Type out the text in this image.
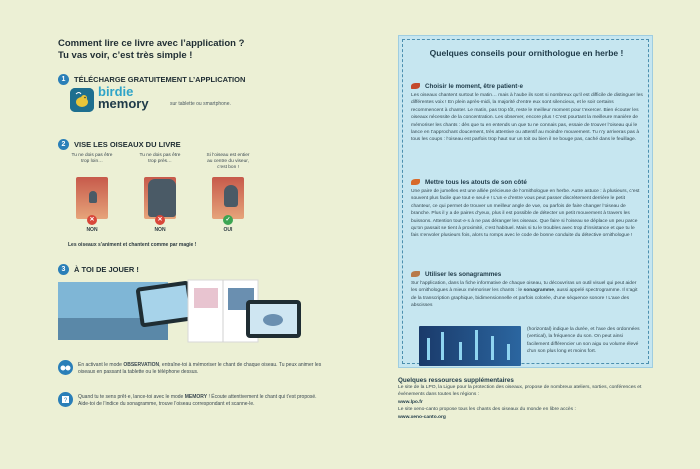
Comment lire ce livre avec l’application ?
Tu vas voir, c’est très simple !
1	TÉLÉCHARGE GRATUITEMENT L’APPLICATION
birdie
memory	sur tablette ou smartphone.
2	VISE LES OISEAUX DU LIVRE
Tu ne dois pas être trop loin…
✕
NON
Tu ne dois pas être trop près…
✕
NON
Si l’oiseau est entier au centre du viseur, c’est bon !
✓
OUI
Les oiseaux s’animent et chantent comme par magie !
3	À TOI DE JOUER !
En activant le mode OBSERVATION, entraîne-toi à mémoriser le chant de chaque oiseau. Tu peux animer les oiseaux en passant la tablette ou le téléphone dessus.
?
Quand tu te sens prêt·e, lance-toi avec le mode MEMORY ! Écoute attentivement le chant qui t’est proposé. Aide-toi de l’indice du sonagramme, trouve l’oiseau correspondant et scanne-le.
Quelques conseils pour ornithologue en herbe !
Choisir le moment, être patient·e

Les oiseaux chantent surtout le matin… mais à l’aube ils sont si nombreux qu’il est difficile de distinguer les différentes voix ! En plein après-midi, la majorité d’entre eux sont silencieux, et le soir certains recommencent à chanter. Le matin, pas trop tôt, reste le meilleur moment pour t’exercer. Bien écouter les oiseaux nécessite de la concentration. Les observer, encore plus ! C’est pourtant la meilleure manière de mémoriser les chants : dès que tu en entends un que tu ne connais pas, essaie de trouver l’oiseau qui le lance en t’approchant doucement, très attentive ou attentif au moindre mouvement. Tu n’y arriveras pas à tous les coups : l’oiseau est parfois trop haut sur un toit ou bien il ne bouge pas, caché dans le feuillage.

Mettre tous les atouts de son côté

Une paire de jumelles est une alliée précieuse de l’ornithologue en herbe. Autre astuce : à plusieurs, c’est souvent plus facile que tout·e seul·e ! L’un·e d’entre vous peut passer discrètement derrière le petit chanteur, ce qui permet de trouver un meilleur angle de vue, ou parfois de faire changer l’oiseau de branche. Plus il y a de paires d’yeux, plus il est possible de détecter un petit mouvement à travers les buissons. Attention tout·e·s à ne pas déranger les oiseaux. Que faire si l’oiseau se déplace un peu parce qu’on passait se tient à proximité, c’est habituel. Mais si tu le troubles avec trop d’insistance et que tu le fais s’envoler plusieurs fois, alors tu romps avec le code de bonne conduite du détective ornithologue !

Utiliser les sonagrammes

Sur l’application, dans la fiche informative de chaque oiseau, tu découvriras un outil visuel qui peut aider les ornithologues à mieux mémoriser les chants : le sonagramme, aussi appelé spectrogramme. Il s’agit de la transcription graphique, bidimensionnelle et parfois colorée, d’une séquence sonore ! L’axe des abscisses

(horizontal) indique la durée, et l’axe des ordonnées (vertical), la fréquence du son. On peut ainsi facilement différencier un son aigu ou volume élevé d’un son plus long et moins fort.
Quelques ressources supplémentaires

Le site de la LPO, la Ligue pour la protection des oiseaux, propose de nombreux ateliers, sorties, conférences et événements dans toutes les régions :

www.lpo.fr

Le site xeno-canto propose tous les chants des oiseaux du monde en libre accès :

www.xeno-canto.org
